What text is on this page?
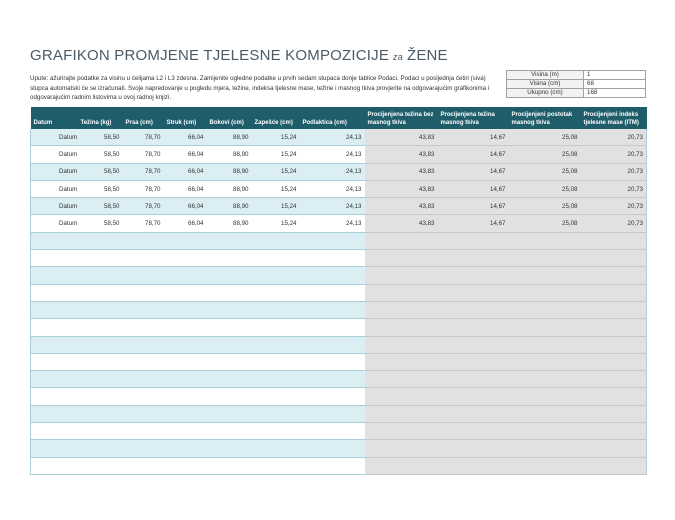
GRAFIKON PROMJENE TJELESNE KOMPOZICIJE za ŽENE
Upute: ažurirajte podatke za visinu u ćelijama L2 i L3 zdesna. Zamijenite ogledne podatke u prvih sedam stupaca donje tablice Podaci. Podaci u posljednja četiri (siva) stupca automatski će se izračunati. Svoje napredovanje u pogledu mjera, težine, indeksa tjelesne mase, težine i masnog tkiva provjerite na odgovarajućim grafikonima i odgovarajućim radnim listovima u ovoj radnoj knjizi.
Visina (m)	1
Visina (cm)	68
Ukupno (cm)	168
Datum	Težina (kg)	Prsa (cm)	Struk (cm)	Bokovi (cm)	Zapešće (cm)	Podlaktica (cm)	Procijenjena težina bez masnog tkiva	Procijenjena težina masnog tkiva	Procijenjeni postotak masnog tkiva	Procijenjeni indeks tjelesne mase (ITM)
Datum	58,50	78,70	66,04	88,90	15,24	24,13	43,83	14,67	25,08	20,73
Datum	58,50	78,70	66,04	88,90	15,24	24,13	43,83	14,67	25,08	20,73
Datum	58,50	78,70	66,04	88,90	15,24	24,13	43,83	14,67	25,08	20,73
Datum	58,50	78,70	66,04	88,90	15,24	24,13	43,83	14,67	25,08	20,73
Datum	58,50	78,70	66,04	88,90	15,24	24,13	43,83	14,67	25,08	20,73
Datum	58,50	78,70	66,04	88,90	15,24	24,13	43,83	14,67	25,08	20,73
